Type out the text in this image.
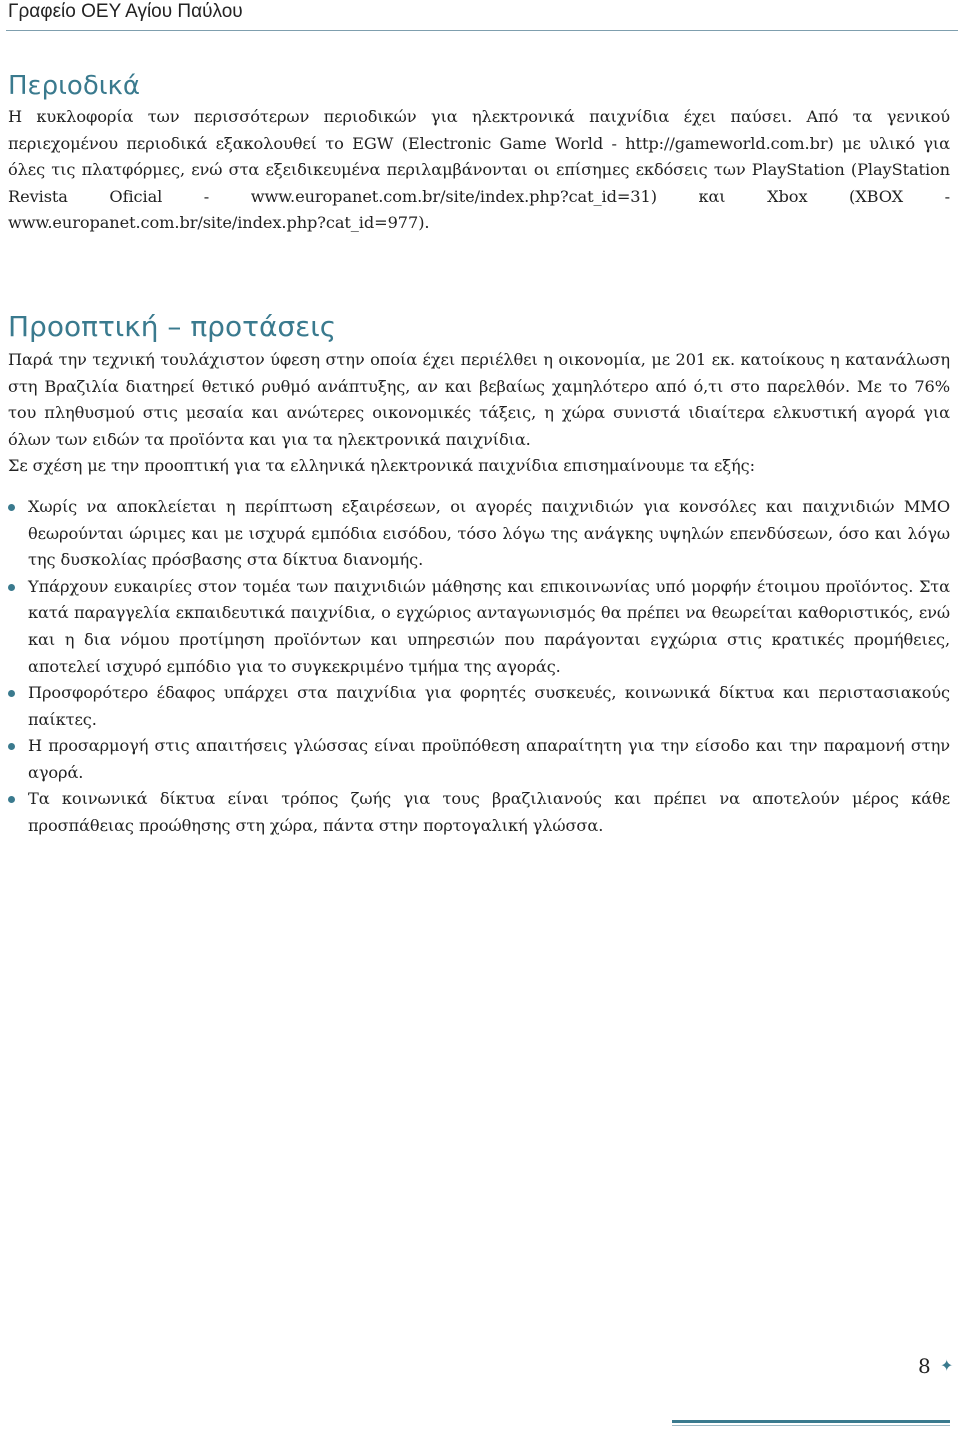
Γραφείο ΟΕΥ Αγίου Παύλου
Περιοδικά

Η κυκλοφορία των περισσότερων περιοδικών για ηλεκτρονικά παιχνίδια έχει παύσει. Από τα γενικού περιεχομένου περιοδικά εξακολουθεί το EGW (Electronic Game World - http://gameworld.com.br) με υλικό για όλες τις πλατφόρμες, ενώ στα εξειδικευμένα περιλαμβάνονται οι επίσημες εκδόσεις των PlayStation (PlayStation Revista Oficial - www.europanet.com.br/site/index.php?cat_id=31) και Xbox (XBOX - www.europanet.com.br/site/index.php?cat_id=977).

Προοπτική – προτάσεις

Παρά την τεχνική τουλάχιστον ύφεση στην οποία έχει περιέλθει η οικονομία, με 201 εκ. κατοίκους η κατανάλωση στη Βραζιλία διατηρεί θετικό ρυθμό ανάπτυξης, αν και βεβαίως χαμηλότερο από ό,τι στο παρελθόν. Με το 76% του πληθυσμού στις μεσαία και ανώτερες οικονομικές τάξεις, η χώρα συνιστά ιδιαίτερα ελκυστική αγορά για όλων των ειδών τα προϊόντα και για τα ηλεκτρονικά παιχνίδια.

Σε σχέση με την προοπτική για τα ελληνικά ηλεκτρονικά παιχνίδια επισημαίνουμε τα εξής:

Χωρίς να αποκλείεται η περίπτωση εξαιρέσεων, οι αγορές παιχνιδιών για κονσόλες και παιχνιδιών MMO θεωρούνται ώριμες και με ισχυρά εμπόδια εισόδου, τόσο λόγω της ανάγκης υψηλών επενδύσεων, όσο και λόγω της δυσκολίας πρόσβασης στα δίκτυα διανομής.
Υπάρχουν ευκαιρίες στον τομέα των παιχνιδιών μάθησης και επικοινωνίας υπό μορφήν έτοιμου προϊόντος. Στα κατά παραγγελία εκπαιδευτικά παιχνίδια, ο εγχώριος ανταγωνισμός θα πρέπει να θεωρείται καθοριστικός, ενώ και η δια νόμου προτίμηση προϊόντων και υπηρεσιών που παράγονται εγχώρια στις κρατικές προμήθειες, αποτελεί ισχυρό εμπόδιο για το συγκεκριμένο τμήμα της αγοράς.
Προσφορότερο έδαφος υπάρχει στα παιχνίδια για φορητές συσκευές, κοινωνικά δίκτυα και περιστασιακούς παίκτες.
Η προσαρμογή στις απαιτήσεις γλώσσας είναι προϋπόθεση απαραίτητη για την είσοδο και την παραμονή στην αγορά.
Τα κοινωνικά δίκτυα είναι τρόπος ζωής για τους βραζιλιανούς και πρέπει να αποτελούν μέρος κάθε προσπάθειας προώθησης στη χώρα, πάντα στην πορτογαλική γλώσσα.
8 ✦
